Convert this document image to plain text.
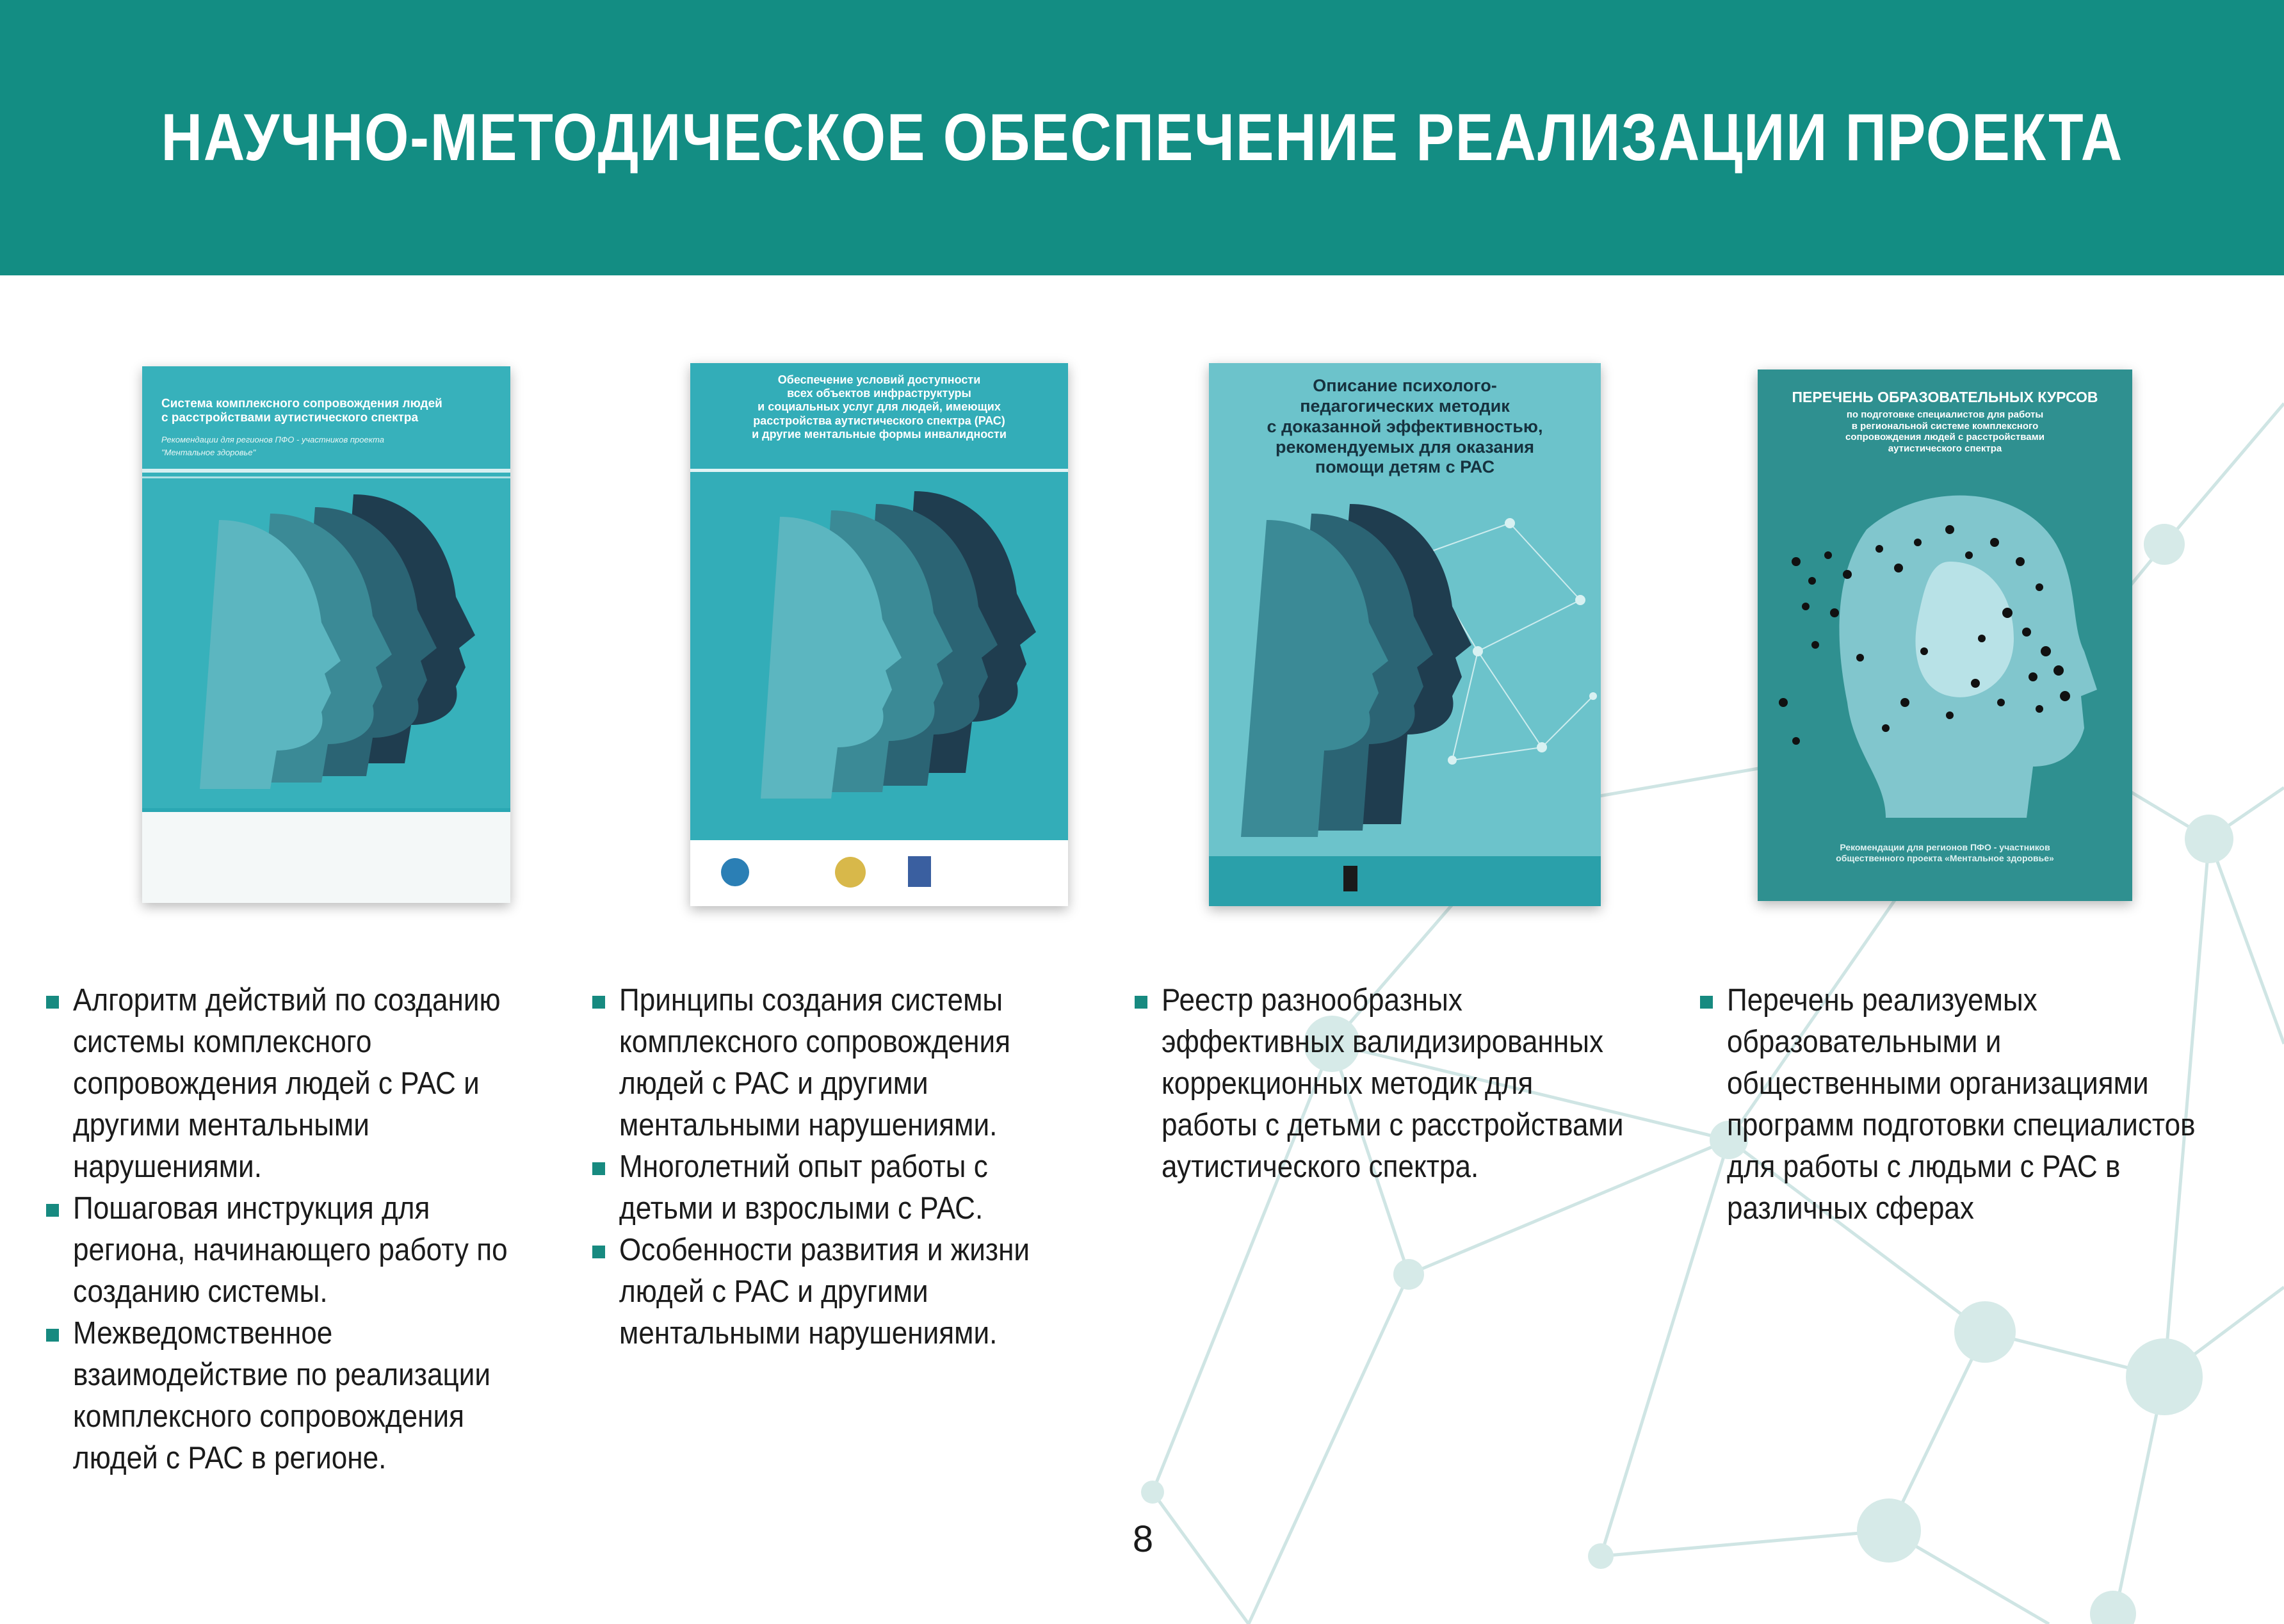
НАУЧНО-МЕТОДИЧЕСКОЕ ОБЕСПЕЧЕНИЕ РЕАЛИЗАЦИИ ПРОЕКТА
Система комплексного сопровождения людей
с расстройствами аутистического спектра
Рекомендации для регионов ПФО - участников проекта
"Ментальное здоровье"
Обеспечение условий доступности
всех объектов инфраструктуры
и социальных услуг для людей, имеющих
расстройства аутистического спектра (РАС)
и другие ментальные формы инвалидности
Описание психолого-
педагогических методик
с доказанной эффективностью,
рекомендуемых для оказания
помощи детям с РАС
ПЕРЕЧЕНЬ ОБРАЗОВАТЕЛЬНЫХ КУРСОВ
по подготовке специалистов для работы
в региональной системе комплексного
сопровождения людей с расстройствами
аутистического спектра
Рекомендации для регионов ПФО - участников
общественного проекта «Ментальное здоровье»
Алгоритм действий по созданию системы комплексного сопровождения людей с РАС и другими ментальными нарушениями.
Пошаговая инструкция для региона, начинающего работу по созданию системы.
Межведомственное взаимодействие по реализации комплексного сопровождения людей с РАС в регионе.
Принципы создания системы комплексного сопровождения людей с РАС и другими ментальными нарушениями.
Многолетний опыт работы с детьми и взрослыми с РАС.
Особенности развития и жизни людей с РАС и другими ментальными нарушениями.
Реестр разнообразных эффективных валидизированных коррекционных методик для работы с детьми с расстройствами аутистического спектра.
Перечень реализуемых образовательными и общественными организациями программ подготовки специалистов для работы с людьми с РАС в различных сферах
8
